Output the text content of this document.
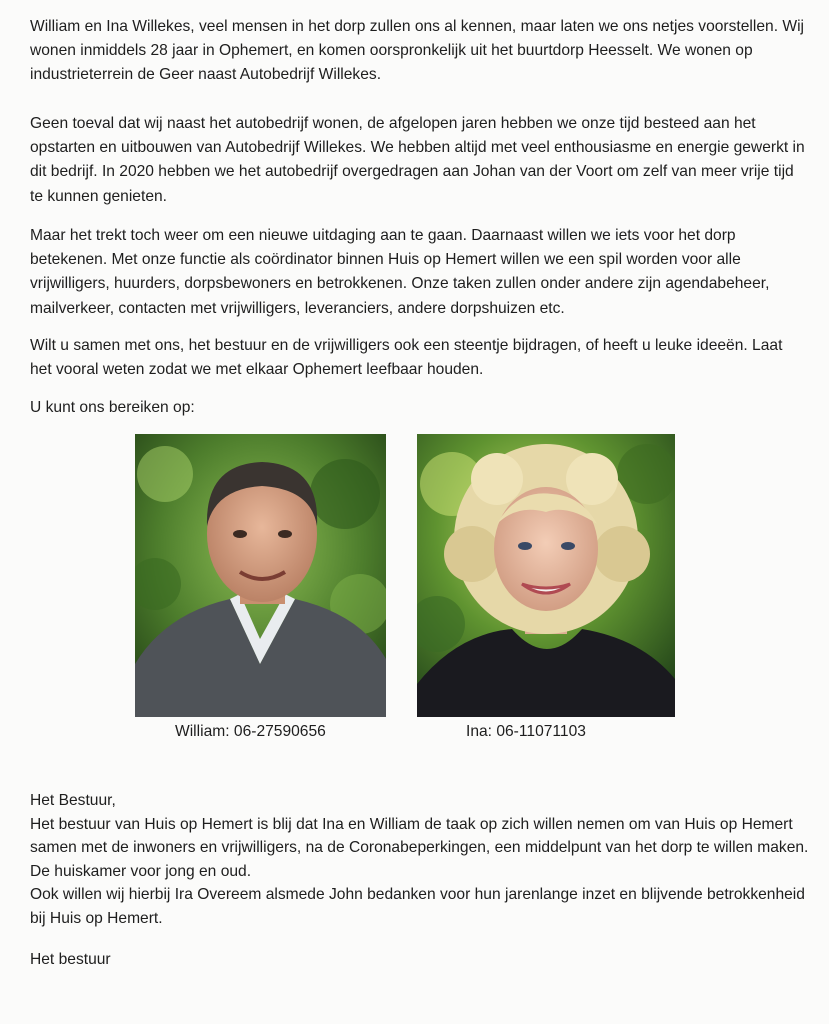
William en Ina Willekes, veel mensen in het dorp zullen ons al kennen, maar laten we ons netjes voorstellen. Wij wonen inmiddels 28 jaar in Ophemert, en komen oorspronkelijk uit het buurtdorp Heesselt. We wonen op industrieterrein de Geer naast Autobedrijf Willekes.

Geen toeval dat wij naast het autobedrijf wonen, de afgelopen jaren hebben we onze tijd besteed aan het opstarten en uitbouwen van Autobedrijf Willekes. We hebben altijd met veel enthousiasme en energie gewerkt in dit bedrijf. In 2020 hebben we het autobedrijf overgedragen aan Johan van der Voort om zelf van meer vrije tijd te kunnen genieten.

Maar het trekt toch weer om een nieuwe uitdaging aan te gaan. Daarnaast willen we iets voor het dorp betekenen. Met onze functie als coördinator binnen Huis op Hemert willen we een spil worden voor alle vrijwilligers, huurders, dorpsbewoners en betrokkenen. Onze taken zullen onder andere zijn agendabeheer, mailverkeer, contacten met vrijwilligers, leveranciers, andere dorpshuizen etc.

Wilt u samen met ons, het bestuur en de vrijwilligers ook een steentje bijdragen, of heeft u leuke ideeën. Laat het vooral weten zodat we met elkaar Ophemert leefbaar houden.

U kunt ons bereiken op:

William: 06-27590656	Ina: 06-11071103

Het Bestuur,

Het bestuur van Huis op Hemert is blij dat Ina en William de taak op zich willen nemen om van Huis op Hemert samen met de inwoners en vrijwilligers, na de Coronabeperkingen, een middelpunt van het dorp te willen maken. De huiskamer voor jong en oud.

Ook willen wij hierbij Ira Overeem alsmede John bedanken voor hun jarenlange inzet en blijvende betrokkenheid bij Huis op Hemert.

Het bestuur
